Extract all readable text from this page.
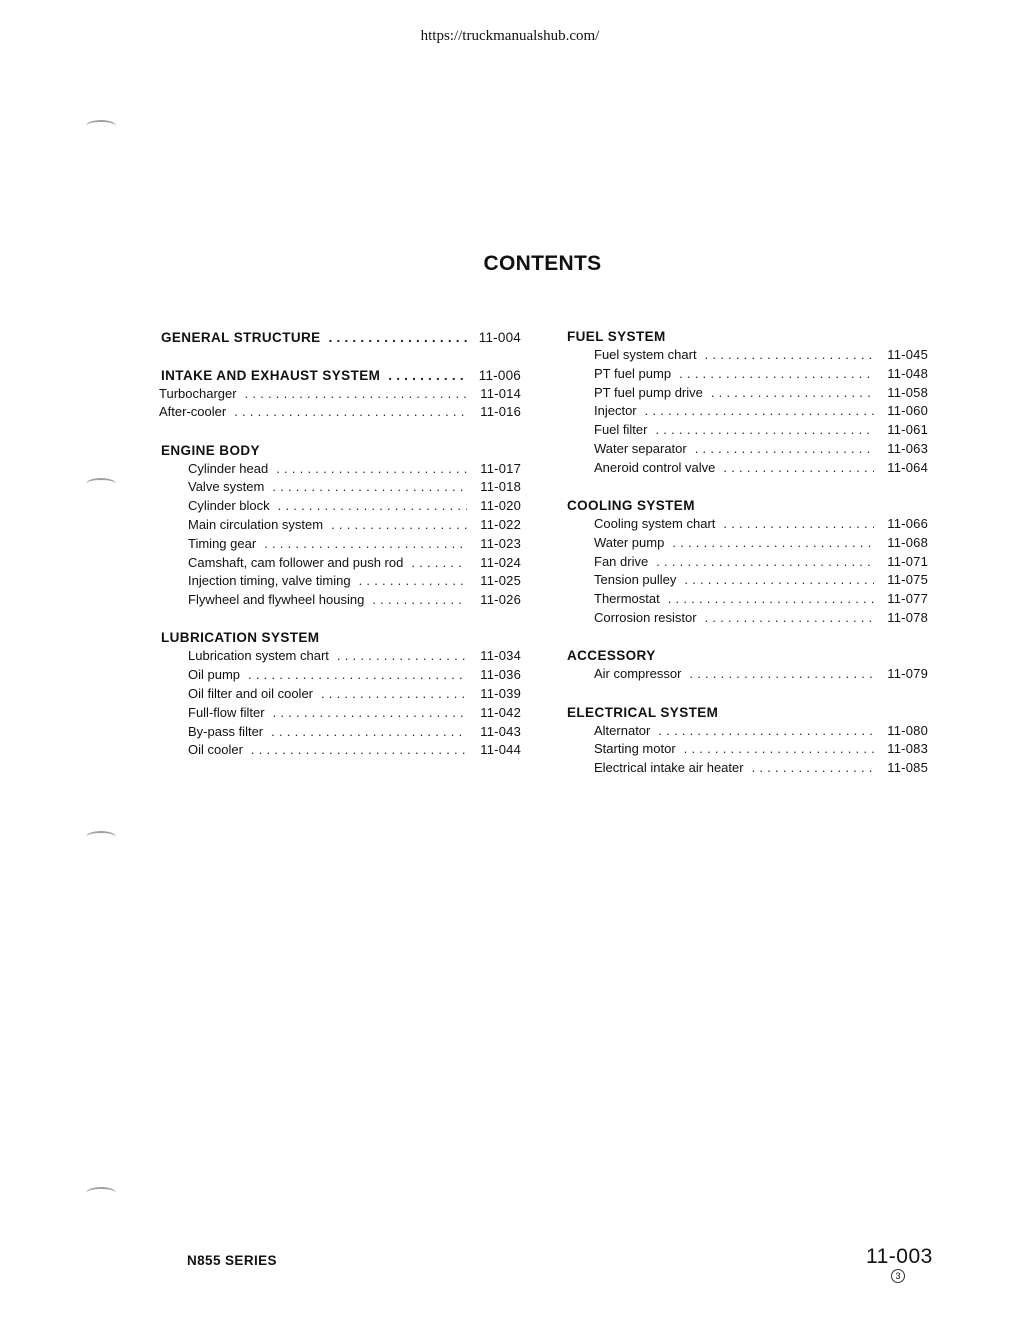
https://truckmanualshub.com/
CONTENTS
GENERAL STRUCTURE .....	11-004
INTAKE AND EXHAUST SYSTEM .....	11-006
Turbocharger .....	11-014
After-cooler .....	11-016
ENGINE BODY
Cylinder head .....	11-017
Valve system .....	11-018
Cylinder block .....	11-020
Main circulation system .....	11-022
Timing gear .....	11-023
Camshaft, cam follower and push rod .....	11-024
Injection timing, valve timing .....	11-025
Flywheel and flywheel housing .....	11-026
LUBRICATION SYSTEM
Lubrication system chart .....	11-034
Oil pump .....	11-036
Oil filter and oil cooler .....	11-039
Full-flow filter .....	11-042
By-pass filter .....	11-043
Oil cooler .....	11-044
FUEL SYSTEM
Fuel system chart .....	11-045
PT fuel pump .....	11-048
PT fuel pump drive .....	11-058
Injector .....	11-060
Fuel filter .....	11-061
Water separator .....	11-063
Aneroid control valve .....	11-064
COOLING SYSTEM
Cooling system chart .....	11-066
Water pump .....	11-068
Fan drive .....	11-071
Tension pulley .....	11-075
Thermostat .....	11-077
Corrosion resistor .....	11-078
ACCESSORY
Air compressor .....	11-079
ELECTRICAL SYSTEM
Alternator .....	11-080
Starting motor .....	11-083
Electrical intake air heater .....	11-085
N855 SERIES	11-003
3
